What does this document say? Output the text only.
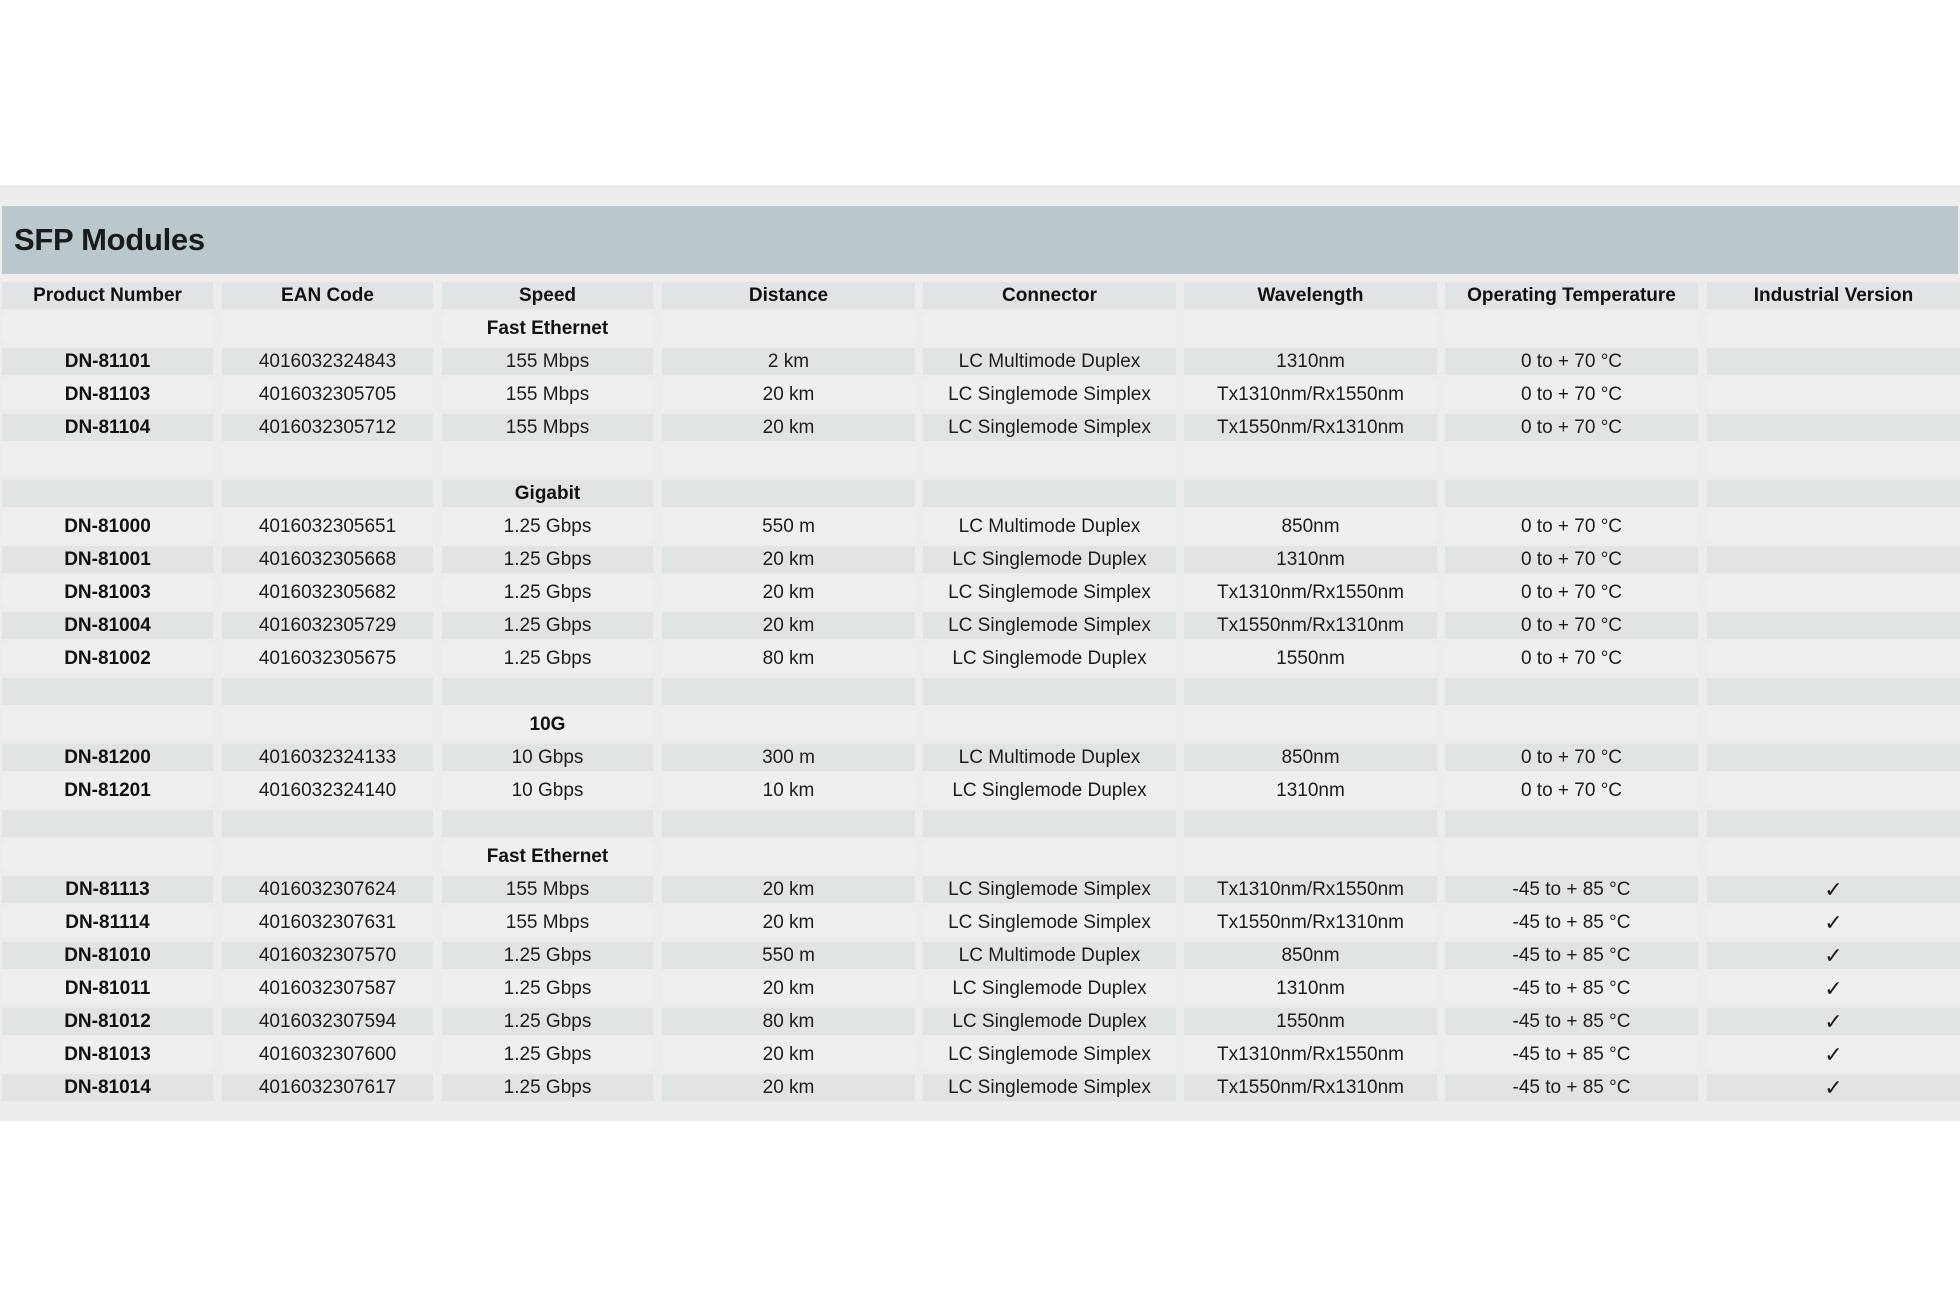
SFP Modules
Product Number	EAN Code	Speed	Distance	Connector	Wavelength	Operating Temperature	Industrial Version
Fast Ethernet
DN-81101	4016032324843	155 Mbps	2 km	LC Multimode Duplex	1310nm	0 to + 70 °C
DN-81103	4016032305705	155 Mbps	20 km	LC Singlemode Simplex	Tx1310nm/Rx1550nm	0 to + 70 °C
DN-81104	4016032305712	155 Mbps	20 km	LC Singlemode Simplex	Tx1550nm/Rx1310nm	0 to + 70 °C
Gigabit
DN-81000	4016032305651	1.25 Gbps	550 m	LC Multimode Duplex	850nm	0 to + 70 °C
DN-81001	4016032305668	1.25 Gbps	20 km	LC Singlemode Duplex	1310nm	0 to + 70 °C
DN-81003	4016032305682	1.25 Gbps	20 km	LC Singlemode Simplex	Tx1310nm/Rx1550nm	0 to + 70 °C
DN-81004	4016032305729	1.25 Gbps	20 km	LC Singlemode Simplex	Tx1550nm/Rx1310nm	0 to + 70 °C
DN-81002	4016032305675	1.25 Gbps	80 km	LC Singlemode Duplex	1550nm	0 to + 70 °C
10G
DN-81200	4016032324133	10 Gbps	300 m	LC Multimode Duplex	850nm	0 to + 70 °C
DN-81201	4016032324140	10 Gbps	10 km	LC Singlemode Duplex	1310nm	0 to + 70 °C
Fast Ethernet
DN-81113	4016032307624	155 Mbps	20 km	LC Singlemode Simplex	Tx1310nm/Rx1550nm	-45 to + 85 °C	✓
DN-81114	4016032307631	155 Mbps	20 km	LC Singlemode Simplex	Tx1550nm/Rx1310nm	-45 to + 85 °C	✓
DN-81010	4016032307570	1.25 Gbps	550 m	LC Multimode Duplex	850nm	-45 to + 85 °C	✓
DN-81011	4016032307587	1.25 Gbps	20 km	LC Singlemode Duplex	1310nm	-45 to + 85 °C	✓
DN-81012	4016032307594	1.25 Gbps	80 km	LC Singlemode Duplex	1550nm	-45 to + 85 °C	✓
DN-81013	4016032307600	1.25 Gbps	20 km	LC Singlemode Simplex	Tx1310nm/Rx1550nm	-45 to + 85 °C	✓
DN-81014	4016032307617	1.25 Gbps	20 km	LC Singlemode Simplex	Tx1550nm/Rx1310nm	-45 to + 85 °C	✓
